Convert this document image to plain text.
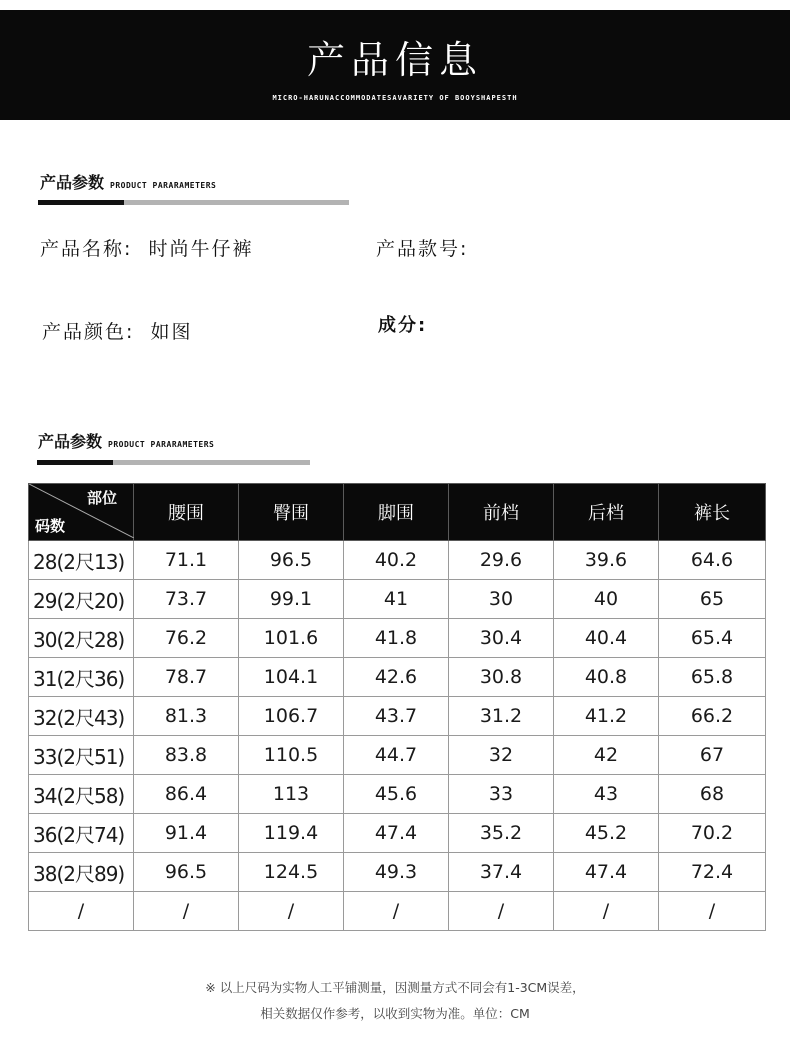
产品信息
MICRO-HARUNACCOMMODATESAVARIETY OF BOOYSHAPESTH
产品参数 PRODUCT PARARAMETERS
产品名称: 时尚牛仔裤	产品款号:
产品颜色: 如图	成分:
产品参数 PRODUCT PARARAMETERS
部位
码数	腰围	臀围	脚围	前档	后档	裤长
28(2尺13)	71.1	96.5	40.2	29.6	39.6	64.6
29(2尺20)	73.7	99.1	41	30	40	65
30(2尺28)	76.2	101.6	41.8	30.4	40.4	65.4
31(2尺36)	78.7	104.1	42.6	30.8	40.8	65.8
32(2尺43)	81.3	106.7	43.7	31.2	41.2	66.2
33(2尺51)	83.8	110.5	44.7	32	42	67
34(2尺58)	86.4	113	45.6	33	43	68
36(2尺74)	91.4	119.4	47.4	35.2	45.2	70.2
38(2尺89)	96.5	124.5	49.3	37.4	47.4	72.4
/	/	/	/	/	/	/
※ 以上尺码为实物人工平铺测量，因测量方式不同会有1-3CM误差，
相关数据仅作参考，以收到实物为准。单位：CM
